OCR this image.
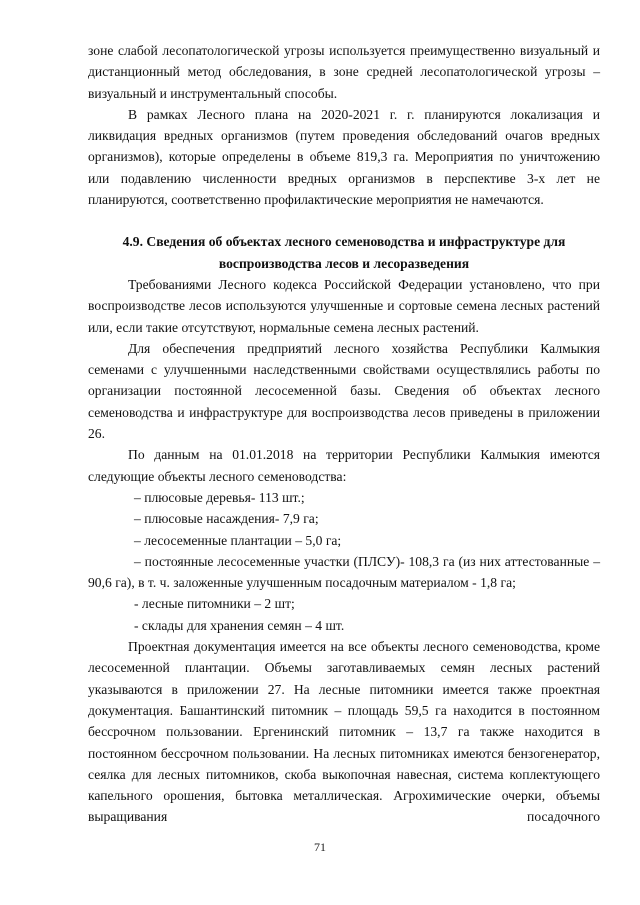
зоне слабой лесопатологической угрозы используется преимущественно визуальный и дистанционный метод обследования, в зоне средней лесопатологической угрозы – визуальный и инструментальный способы.

В рамках Лесного плана на 2020-2021 г. г. планируются локализация и ликвидация вредных организмов (путем проведения обследований очагов вредных организмов), которые определены в объеме 819,3 га. Мероприятия по уничтожению или подавлению численности вредных организмов в перспективе 3-х лет не планируются, соответственно профилактические мероприятия не намечаются.

4.9. Сведения об объектах лесного семеноводства и инфраструктуре для

воспроизводства лесов и лесоразведения

Требованиями Лесного кодекса Российской Федерации установлено, что при воспроизводстве лесов используются улучшенные и сортовые семена лесных растений или, если такие отсутствуют, нормальные семена лесных растений.

Для обеспечения предприятий лесного хозяйства Республики Калмыкия семенами с улучшенными наследственными свойствами осуществлялись работы по организации постоянной лесосеменной базы. Сведения об объектах лесного семеноводства и инфраструктуре для воспроизводства лесов приведены в приложении 26.

По данным на 01.01.2018 на территории Республики Калмыкия имеются следующие объекты лесного семеноводства:

– плюсовые деревья- 113 шт.;

– плюсовые насаждения- 7,9 га;

– лесосеменные плантации – 5,0 га;

– постоянные лесосеменные участки (ПЛСУ)- 108,3 га (из них аттестованные – 90,6 га), в т. ч. заложенные улучшенным посадочным материалом - 1,8 га;

- лесные питомники – 2 шт;

- склады для хранения семян – 4 шт.

Проектная документация имеется на все объекты лесного семеноводства, кроме лесосеменной плантации. Объемы заготавливаемых семян лесных растений указываются в приложении 27. На лесные питомники имеется также проектная документация. Башантинский питомник – площадь 59,5 га находится в постоянном бессрочном пользовании. Ергенинский питомник – 13,7 га также находится в постоянном бессрочном пользовании. На лесных питомниках имеются бензогенератор, сеялка для лесных питомников, скоба выкопочная навесная, система коплектующего капельного орошения, бытовка металлическая. Агрохимические очерки, объемы выращивания посадочного

71
